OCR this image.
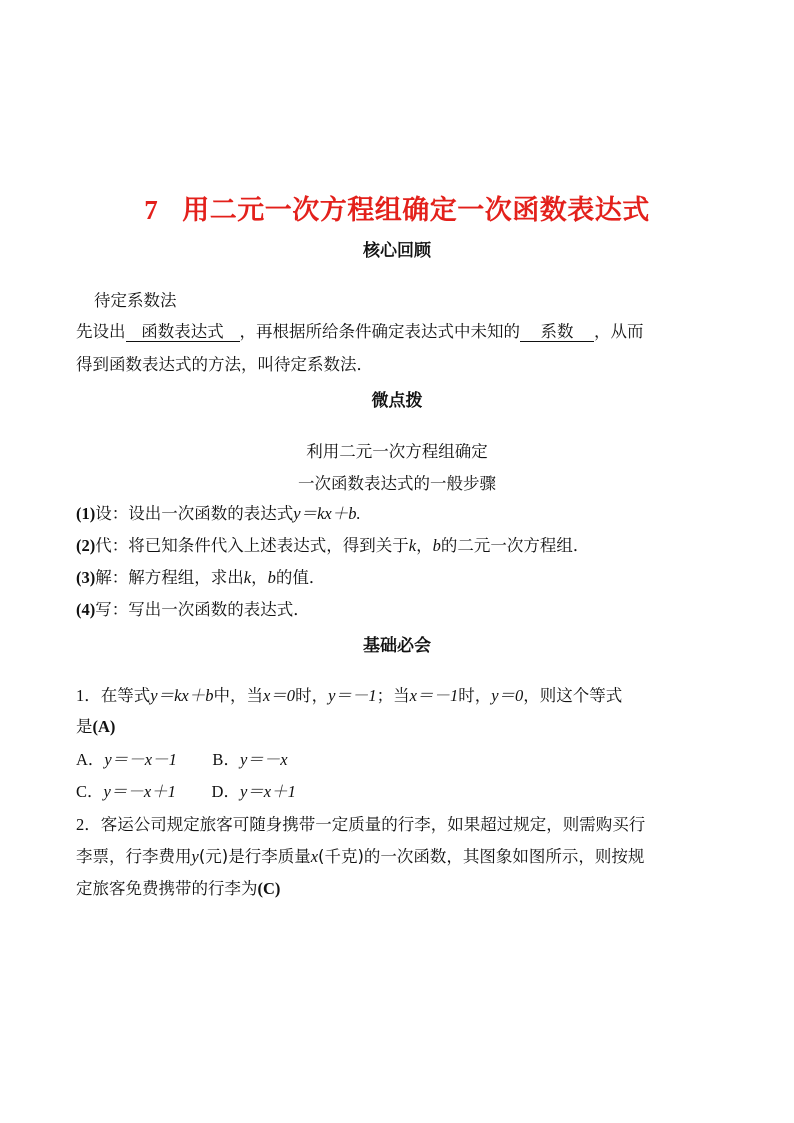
7 用二元一次方程组确定一次函数表达式
核心回顾
待定系数法
先设出 函数表达式 ，再根据所给条件确定表达式中未知的 系数 ，从而
得到函数表达式的方法，叫待定系数法．
微点拨
利用二元一次方程组确定
一次函数表达式的一般步骤
(1)设：设出一次函数的表达式y＝kx＋b.
(2)代：将已知条件代入上述表达式，得到关于k，b的二元一次方程组．
(3)解：解方程组，求出k，b的值．
(4)写：写出一次函数的表达式．
基础必会
1．在等式y＝kx＋b中，当x＝0时，y＝－1；当x＝－1时，y＝0，则这个等式
是(A)
A．y＝－x－1 B．y＝－x
C．y＝－x＋1 D．y＝x＋1
2．客运公司规定旅客可随身携带一定质量的行李，如果超过规定，则需购买行
李票，行李费用y(元)是行李质量x(千克)的一次函数，其图象如图所示，则按规
定旅客免费携带的行李为(C)
